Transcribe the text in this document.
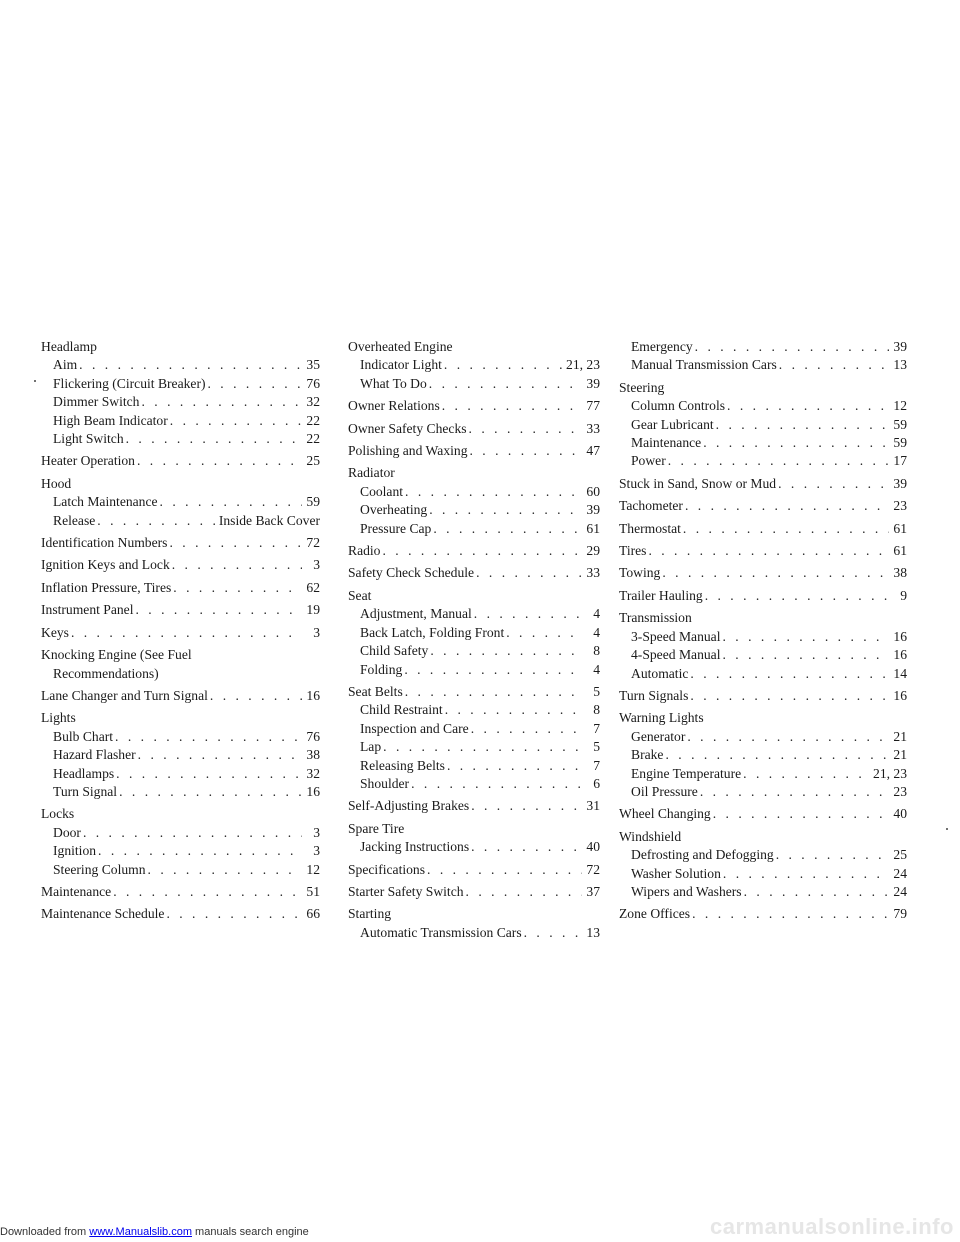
Headlamp
Aim . . .	35
Flickering (Circuit Breaker) . . .	76
Dimmer Switch . . .	32
High Beam Indicator . . .	22
Light Switch . . .	22
Heater Operation . . .	25
Hood
Latch Maintenance . . .	59
Release . . .	Inside Back Cover
Identification Numbers . . .	72
Ignition Keys and Lock . . .	3
Inflation Pressure, Tires . . .	62
Instrument Panel . . .	19
Keys . . .	3
Knocking Engine (See Fuel
Recommendations)
Lane Changer and Turn Signal . . .	16
Lights
Bulb Chart . . .	76
Hazard Flasher . . .	38
Headlamps . . .	32
Turn Signal . . .	16
Locks
Door . . .	3
Ignition . . .	3
Steering Column . . .	12
Maintenance . . .	51
Maintenance Schedule . . .	66
Overheated Engine
Indicator Light . . .	21, 23
What To Do . . .	39
Owner Relations . . .	77
Owner Safety Checks . . .	33
Polishing and Waxing . . .	47
Radiator
Coolant . . .	60
Overheating . . .	39
Pressure Cap . . .	61
Radio . . .	29
Safety Check Schedule . . .	33
Seat
Adjustment, Manual . . .	4
Back Latch, Folding Front . . .	4
Child Safety . . .	8
Folding . . .	4
Seat Belts . . .	5
Child Restraint . . .	8
Inspection and Care . . .	7
Lap . . .	5
Releasing Belts . . .	7
Shoulder . . .	6
Self-Adjusting Brakes . . .	31
Spare Tire
Jacking Instructions . . .	40
Specifications . . .	72
Starter Safety Switch . . .	37
Starting
Automatic Transmission Cars . . .	13
Emergency . . .	39
Manual Transmission Cars . . .	13
Steering
Column Controls . . .	12
Gear Lubricant . . .	59
Maintenance . . .	59
Power . . .	17
Stuck in Sand, Snow or Mud . . .	39
Tachometer . . .	23
Thermostat . . .	61
Tires . . .	61
Towing . . .	38
Trailer Hauling . . .	9
Transmission
3-Speed Manual . . .	16
4-Speed Manual . . .	16
Automatic . . .	14
Turn Signals . . .	16
Warning Lights
Generator . . .	21
Brake . . .	21
Engine Temperature . . .	21, 23
Oil Pressure . . .	23
Wheel Changing . . .	40
Windshield
Defrosting and Defogging . . .	25
Washer Solution . . .	24
Wipers and Washers . . .	24
Zone Offices . . .	79
Downloaded from www.Manualslib.com manuals search engine	carmanualsonline.info
